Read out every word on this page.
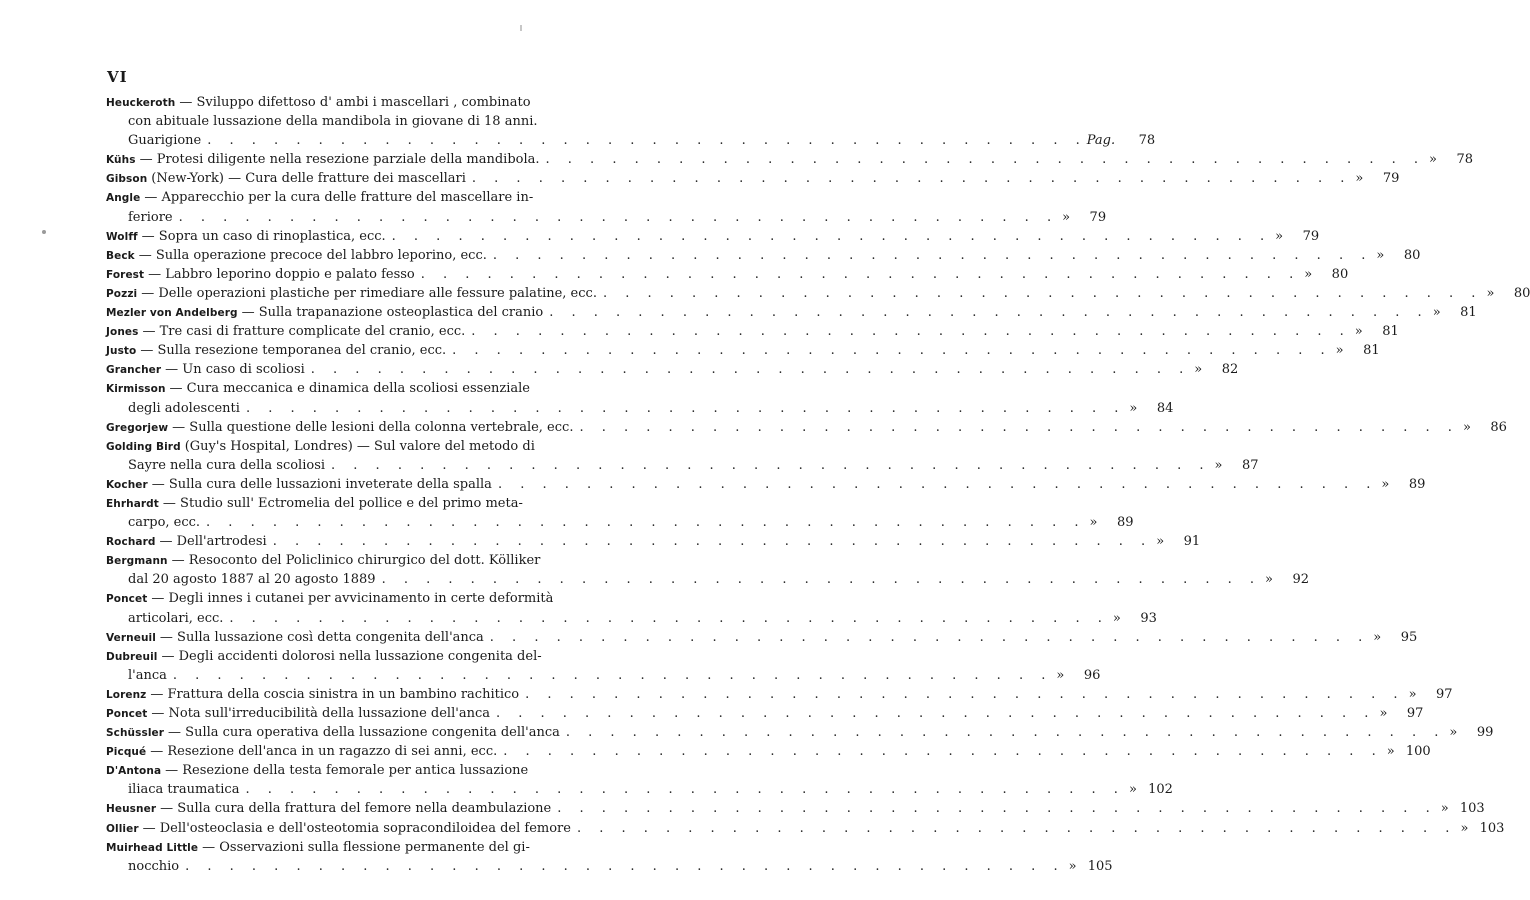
VI
Heuckeroth — Sviluppo difettoso d' ambi i mascellari , combinato
con abituale lussazione della mandibola in giovane di 18 anni.
Guarigione . . .	Pag.	78
Kühs — Protesi diligente nella resezione parziale della mandibola. . . .	»	78
Gibson (New-York) — Cura delle fratture dei mascellari . . .	»	79
Angle — Apparecchio per la cura delle fratture del mascellare in-
feriore . . .	»	79
Wolff — Sopra un caso di rinoplastica, ecc. . . .	»	79
Beck — Sulla operazione precoce del labbro leporino, ecc. . . .	»	80
Forest — Labbro leporino doppio e palato fesso . . .	»	80
Pozzi — Delle operazioni plastiche per rimediare alle fessure palatine, ecc. . . .	»	80
Mezler von Andelberg — Sulla trapanazione osteoplastica del cranio . . .	»	81
Jones — Tre casi di fratture complicate del cranio, ecc. . . .	»	81
Justo — Sulla resezione temporanea del cranio, ecc. . . .	»	81
Grancher — Un caso di scoliosi . . .	»	82
Kirmisson — Cura meccanica e dinamica della scoliosi essenziale
degli adolescenti . . .	»	84
Gregorjew — Sulla questione delle lesioni della colonna vertebrale, ecc. . . .	»	86
Golding Bird (Guy's Hospital, Londres) — Sul valore del metodo di
Sayre nella cura della scoliosi . . .	»	87
Kocher — Sulla cura delle lussazioni inveterate della spalla . . .	»	89
Ehrhardt — Studio sull' Ectromelia del pollice e del primo meta-
carpo, ecc. . . .	»	89
Rochard — Dell'artrodesi . . .	»	91
Bergmann — Resoconto del Policlinico chirurgico del dott. Kölliker
dal 20 agosto 1887 al 20 agosto 1889 . . .	»	92
Poncet — Degli innes i cutanei per avvicinamento in certe deformità
articolari, ecc. . . .	»	93
Verneuil — Sulla lussazione così detta congenita dell'anca . . .	»	95
Dubreuil — Degli accidenti dolorosi nella lussazione congenita del-
l'anca . . .	»	96
Lorenz — Frattura della coscia sinistra in un bambino rachitico . . .	»	97
Poncet — Nota sull'irreducibilità della lussazione dell'anca . . .	»	97
Schüssler — Sulla cura operativa della lussazione congenita dell'anca . . .	»	99
Picqué — Resezione dell'anca in un ragazzo di sei anni, ecc. . . .	» 100
D'Antona — Resezione della testa femorale per antica lussazione
iliaca traumatica . . .	» 102
Heusner — Sulla cura della frattura del femore nella deambulazione . . .	» 103
Ollier — Dell'osteoclasia e dell'osteotomia sopracondiloidea del femore . . .	» 103
Muirhead Little — Osservazioni sulla flessione permanente del gi-
nocchio . . .	» 105
